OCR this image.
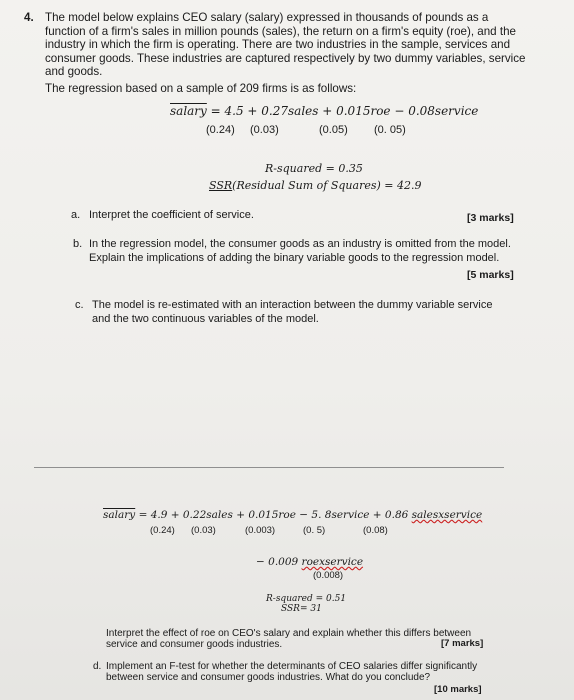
4. The model below explains CEO salary (salary) expressed in thousands of pounds as a
function of a firm's sales in million pounds (sales), the return on a firm's equity (roe), and the
industry in which the firm is operating. There are two industries in the sample, services and
consumer goods. These industries are captured respectively by two dummy variables, service
and goods.
The regression based on a sample of 209 firms is as follows:
salary = 4.5 + 0.27sales + 0.015roe − 0.08service
(0.24) (0.03)	(0.05) (0. 05)
R-squared = 0.35
SSR(Residual Sum of Squares) = 42.9
a. Interpret the coefficient of service.	[3 marks]
b. In the regression model, the consumer goods as an industry is omitted from the model.
Explain the implications of adding the binary variable goods to the regression model.
[5 marks]
c. The model is re-estimated with an interaction between the dummy variable service
and the two continuous variables of the model.
salary = 4.9 + 0.22sales + 0.015roe − 5. 8service + 0.86 salesxservice
(0.24) (0.03)	(0.003)	(0. 5)	(0.08)
− 0.009 roexservice
(0.008)
R-squared = 0.51
SSR= 31
Interpret the effect of roe on CEO's salary and explain whether this differs between
service and consumer goods industries.	[7 marks]
d. Implement an F-test for whether the determinants of CEO salaries differ significantly
between service and consumer goods industries. What do you conclude?
[10 marks]
